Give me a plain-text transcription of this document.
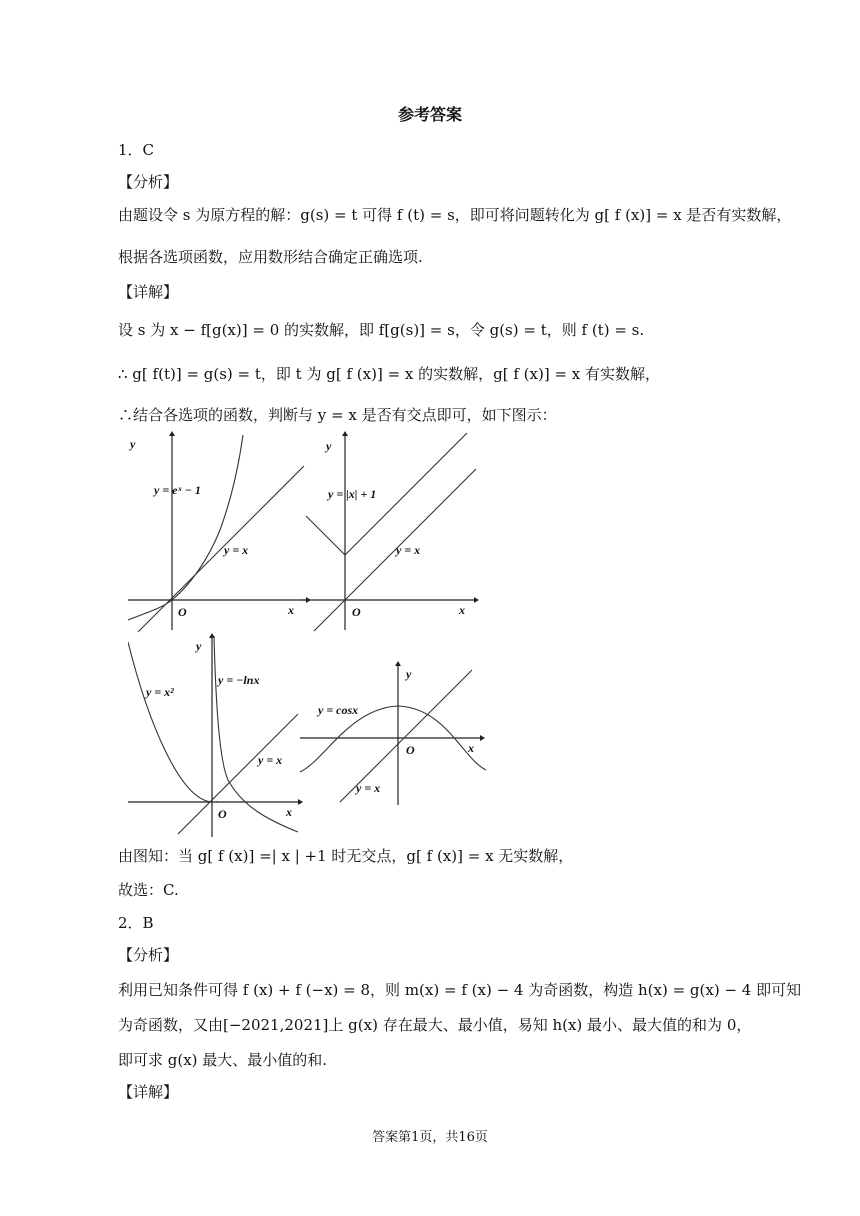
参考答案
1．C
【分析】
由题设令 s 为原方程的解：g(s) = t 可得 f (t) = s，即可将问题转化为 g[ f (x)] = x 是否有实数解，
根据各选项函数，应用数形结合确定正确选项.
【详解】
设 s 为 x − f[g(x)] = 0 的实数解，即 f[g(s)] = s，令 g(s) = t，则 f (t) = s.
∴ g[ f(t)] = g(s) = t，即 t 为 g[ f (x)] = x 的实数解，g[ f (x)] = x 有实数解，
∴结合各选项的函数，判断与 y = x 是否有交点即可，如下图示：
y
y = eˣ − 1
y = x
O	x
y
y = |x| + 1
y = x
O	x
y
y = x²
y = −lnx
y = x
O	x
y
y = cosx
O	x
y = x
由图知：当 g[ f (x)] =| x | +1 时无交点，g[ f (x)] = x 无实数解，
故选：C.
2．B
【分析】
利用已知条件可得 f (x) + f (−x) = 8，则 m(x) = f (x) − 4 为奇函数，构造 h(x) = g(x) − 4 即可知
为奇函数，又由[−2021,2021]上 g(x) 存在最大、最小值，易知 h(x) 最小、最大值的和为 0，
即可求 g(x) 最大、最小值的和.
【详解】
答案第1页，共16页
